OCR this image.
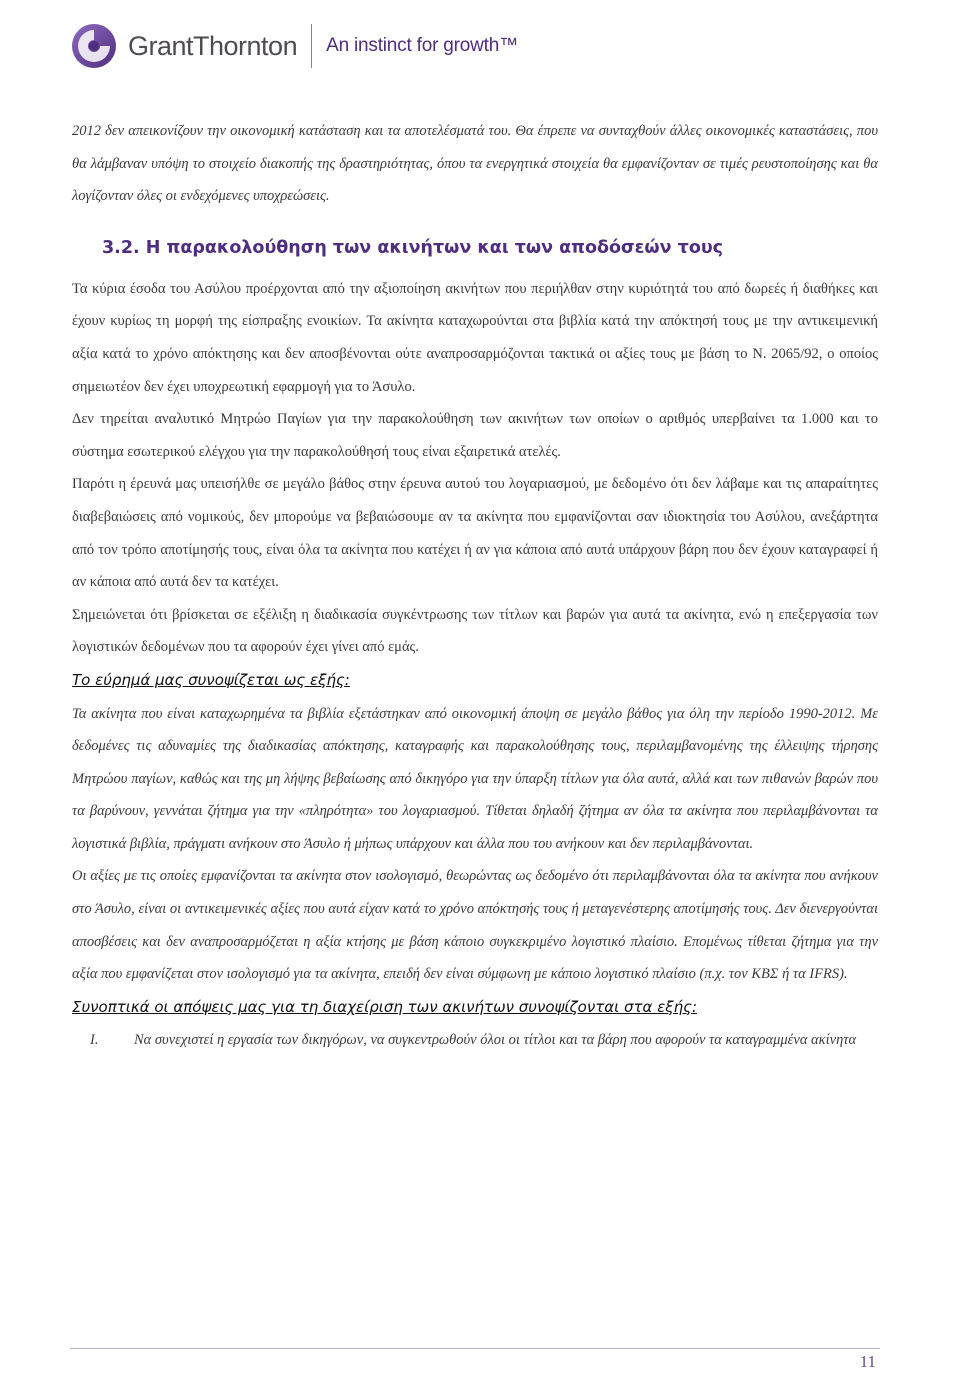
GrantThornton An instinct for growth™

2012 δεν απεικονίζουν την οικονομική κατάσταση και τα αποτελέσματά του. Θα έπρεπε να συνταχθούν άλλες οικονομικές καταστάσεις, που θα λάμβαναν υπόψη το στοιχείο διακοπής της δραστηριότητας, όπου τα ενεργητικά στοιχεία θα εμφανίζονταν σε τιμές ρευστοποίησης και θα λογίζονταν όλες οι ενδεχόμενες υποχρεώσεις.

3.2. Η παρακολούθηση των ακινήτων και των αποδόσεών τους

Τα κύρια έσοδα του Ασύλου προέρχονται από την αξιοποίηση ακινήτων που περιήλθαν στην κυριότητά του από δωρεές ή διαθήκες και έχουν κυρίως τη μορφή της είσπραξης ενοικίων. Τα ακίνητα καταχωρούνται στα βιβλία κατά την απόκτησή τους με την αντικειμενική αξία κατά το χρόνο απόκτησης και δεν αποσβένονται ούτε αναπροσαρμόζονται τακτικά οι αξίες τους με βάση το Ν. 2065/92, ο οποίος σημειωτέον δεν έχει υποχρεωτική εφαρμογή για το Άσυλο.

Δεν τηρείται αναλυτικό Μητρώο Παγίων για την παρακολούθηση των ακινήτων των οποίων ο αριθμός υπερβαίνει τα 1.000 και το σύστημα εσωτερικού ελέγχου για την παρακολούθησή τους είναι εξαιρετικά ατελές.

Παρότι η έρευνά μας υπεισήλθε σε μεγάλο βάθος στην έρευνα αυτού του λογαριασμού, με δεδομένο ότι δεν λάβαμε και τις απαραίτητες διαβεβαιώσεις από νομικούς, δεν μπορούμε να βεβαιώσουμε αν τα ακίνητα που εμφανίζονται σαν ιδιοκτησία του Ασύλου, ανεξάρτητα από τον τρόπο αποτίμησής τους, είναι όλα τα ακίνητα που κατέχει ή αν για κάποια από αυτά υπάρχουν βάρη που δεν έχουν καταγραφεί ή αν κάποια από αυτά δεν τα κατέχει.

Σημειώνεται ότι βρίσκεται σε εξέλιξη η διαδικασία συγκέντρωσης των τίτλων και βαρών για αυτά τα ακίνητα, ενώ η επεξεργασία των λογιστικών δεδομένων που τα αφορούν έχει γίνει από εμάς.

Το εύρημά μας συνοψίζεται ως εξής:

Τα ακίνητα που είναι καταχωρημένα τα βιβλία εξετάστηκαν από οικονομική άποψη σε μεγάλο βάθος για όλη την περίοδο 1990-2012. Με δεδομένες τις αδυναμίες της διαδικασίας απόκτησης, καταγραφής και παρακολούθησης τους, περιλαμβανομένης της έλλειψης τήρησης Μητρώου παγίων, καθώς και της μη λήψης βεβαίωσης από δικηγόρο για την ύπαρξη τίτλων για όλα αυτά, αλλά και των πιθανών βαρών που τα βαρύνουν, γεννάται ζήτημα για την «πληρότητα» του λογαριασμού. Τίθεται δηλαδή ζήτημα αν όλα τα ακίνητα που περιλαμβάνονται τα λογιστικά βιβλία, πράγματι ανήκουν στο Άσυλο ή μήπως υπάρχουν και άλλα που του ανήκουν και δεν περιλαμβάνονται.

Οι αξίες με τις οποίες εμφανίζονται τα ακίνητα στον ισολογισμό, θεωρώντας ως δεδομένο ότι περιλαμβάνονται όλα τα ακίνητα που ανήκουν στο Άσυλο, είναι οι αντικειμενικές αξίες που αυτά είχαν κατά το χρόνο απόκτησής τους ή μεταγενέστερης αποτίμησής τους. Δεν διενεργούνται αποσβέσεις και δεν αναπροσαρμόζεται η αξία κτήσης με βάση κάποιο συγκεκριμένο λογιστικό πλαίσιο. Επομένως τίθεται ζήτημα για την αξία που εμφανίζεται στον ισολογισμό για τα ακίνητα, επειδή δεν είναι σύμφωνη με κάποιο λογιστικό πλαίσιο (π.χ. τον ΚΒΣ ή τα IFRS).

Συνοπτικά οι απόψεις μας για τη διαχείριση των ακινήτων συνοψίζονται στα εξής:

I.	Να συνεχιστεί η εργασία των δικηγόρων, να συγκεντρωθούν όλοι οι τίτλοι και τα βάρη που αφορούν τα καταγραμμένα ακίνητα

11
